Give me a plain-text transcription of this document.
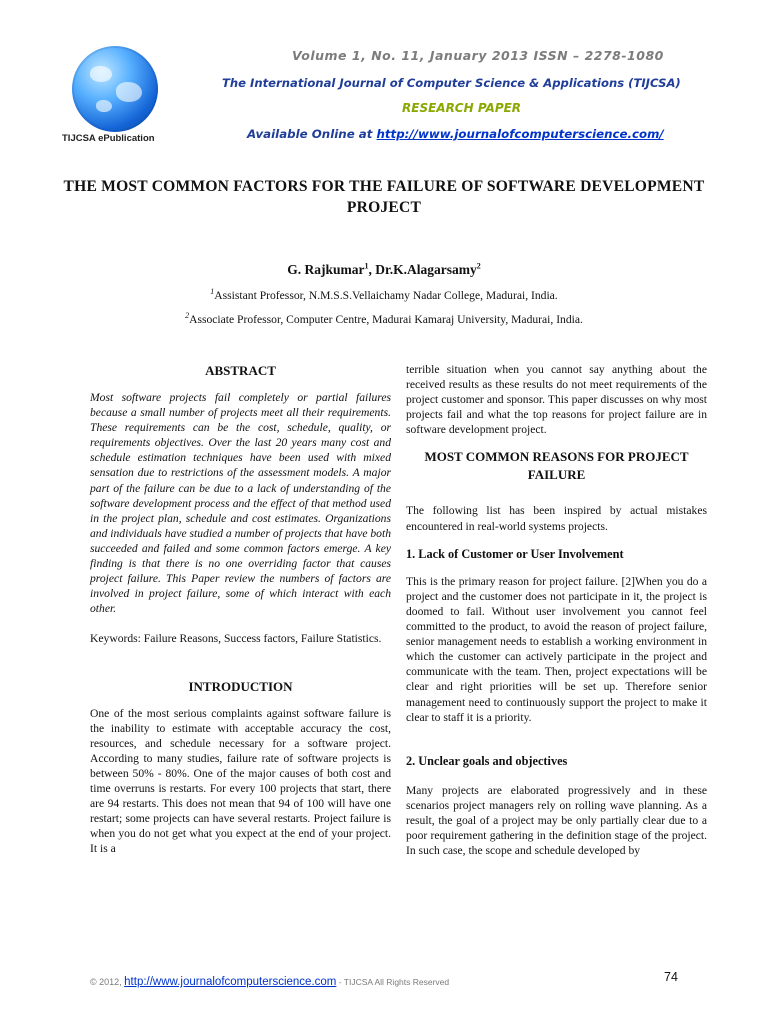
TIJCSA ePublication
Volume 1, No. 11, January 2013 ISSN – 2278-1080
The International Journal of Computer Science & Applications (TIJCSA)
RESEARCH PAPER
Available Online at http://www.journalofcomputerscience.com/
THE MOST COMMON FACTORS FOR THE FAILURE OF SOFTWARE DEVELOPMENT PROJECT
G. Rajkumar$^1$, Dr.K.Alagarsamy$^2$
$^1$Assistant Professor, N.M.S.S.Vellaichamy Nadar College, Madurai, India.
$^2$Associate Professor, Computer Centre, Madurai Kamaraj University, Madurai, India.
ABSTRACT

Most software projects fail completely or partial failures because a small number of projects meet all their requirements. These requirements can be the cost, schedule, quality, or requirements objectives. Over the last 20 years many cost and schedule estimation techniques have been used with mixed sensation due to restrictions of the assessment models. A major part of the failure can be due to a lack of understanding of the software development process and the effect of that method used in the project plan, schedule and cost estimates. Organizations and individuals have studied a number of projects that have both succeeded and failed and some common factors emerge. A key finding is that there is no one overriding factor that causes project failure. This Paper review the numbers of factors are involved in project failure, some of which interact with each other.

Keywords: Failure Reasons, Success factors, Failure Statistics.

INTRODUCTION

One of the most serious complaints against software failure is the inability to estimate with acceptable accuracy the cost, resources, and schedule necessary for a software project. According to many studies, failure rate of software projects is between 50% - 80%. One of the major causes of both cost and time overruns is restarts. For every 100 projects that start, there are 94 restarts. This does not mean that 94 of 100 will have one restart; some projects can have several restarts. Project failure is when you do not get what you expect at the end of your project. It is a

terrible situation when you cannot say anything about the received results as these results do not meet requirements of the project customer and sponsor. This paper discusses on why most projects fail and what the top reasons for project failure are in software development project.

MOST COMMON REASONS FOR PROJECT FAILURE

The following list has been inspired by actual mistakes encountered in real-world systems projects.

1. Lack of Customer or User Involvement

This is the primary reason for project failure. [2]When you do a project and the customer does not participate in it, the project is doomed to fail. Without user involvement you cannot feel committed to the product, to avoid the reason of project failure, senior management needs to establish a working environment in which the customer can actively participate in the project and communicate with the team. Then, project expectations will be clear and right priorities will be set up. Therefore senior management need to continuously support the project to make it clear to staff it is a priority.

2. Unclear goals and objectives

Many projects are elaborated progressively and in these scenarios project managers rely on rolling wave planning. As a result, the goal of a project may be only partially clear due to a poor requirement gathering in the definition stage of the project. In such case, the scope and schedule developed by

© 2012, http://www.journalofcomputerscience.com - TIJCSA All Rights Reserved	74
